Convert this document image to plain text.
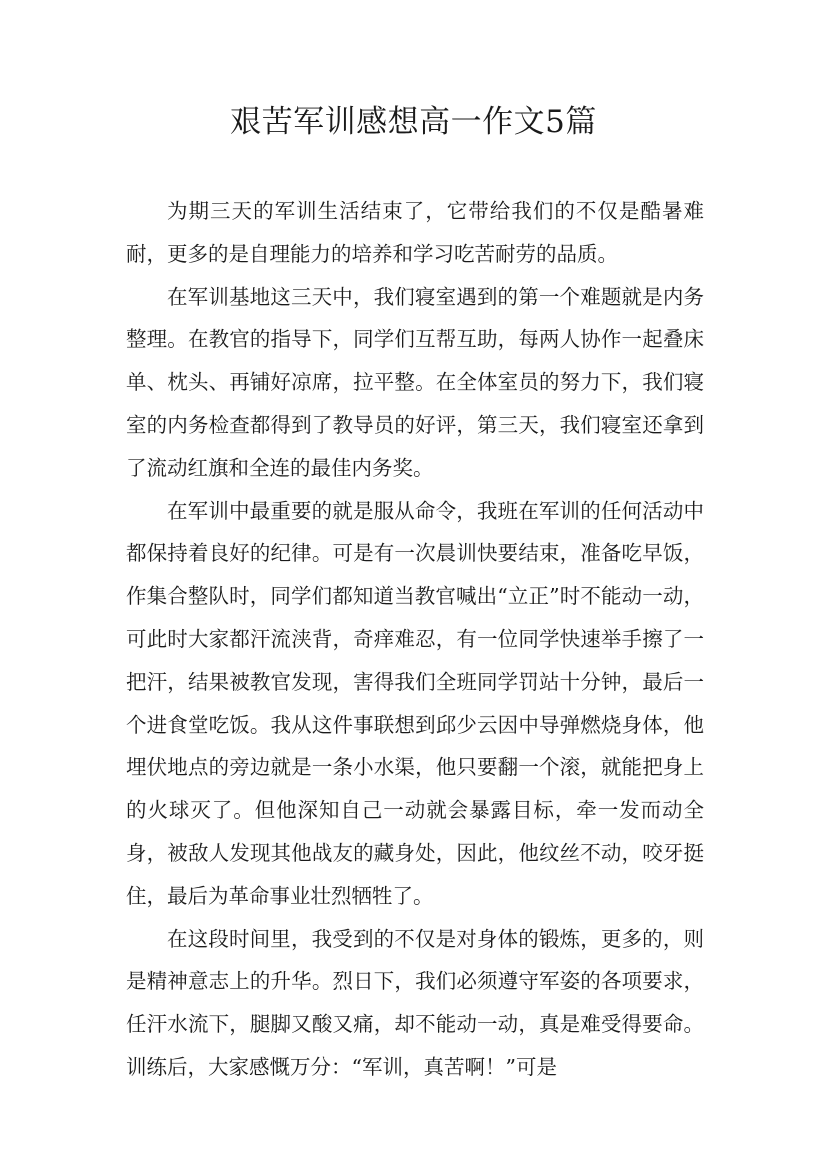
艰苦军训感想高一作文5篇

为期三天的军训生活结束了，它带给我们的不仅是酷暑难耐，更多的是自理能力的培养和学习吃苦耐劳的品质。

在军训基地这三天中，我们寝室遇到的第一个难题就是内务整理。在教官的指导下，同学们互帮互助，每两人协作一起叠床单、枕头、再铺好凉席，拉平整。在全体室员的努力下，我们寝室的内务检查都得到了教导员的好评，第三天，我们寝室还拿到了流动红旗和全连的最佳内务奖。

在军训中最重要的就是服从命令，我班在军训的任何活动中都保持着良好的纪律。可是有一次晨训快要结束，准备吃早饭，作集合整队时，同学们都知道当教官喊出“立正”时不能动一动，可此时大家都汗流浃背，奇痒难忍，有一位同学快速举手擦了一把汗，结果被教官发现，害得我们全班同学罚站十分钟，最后一个进食堂吃饭。我从这件事联想到邱少云因中导弹燃烧身体，他埋伏地点的旁边就是一条小水渠，他只要翻一个滚，就能把身上的火球灭了。但他深知自己一动就会暴露目标，牵一发而动全身，被敌人发现其他战友的藏身处，因此，他纹丝不动，咬牙挺住，最后为革命事业壮烈牺牲了。

在这段时间里，我受到的不仅是对身体的锻炼，更多的，则是精神意志上的升华。烈日下，我们必须遵守军姿的各项要求，任汗水流下，腿脚又酸又痛，却不能动一动，真是难受得要命。训练后，大家感慨万分：“军训，真苦啊！”可是
